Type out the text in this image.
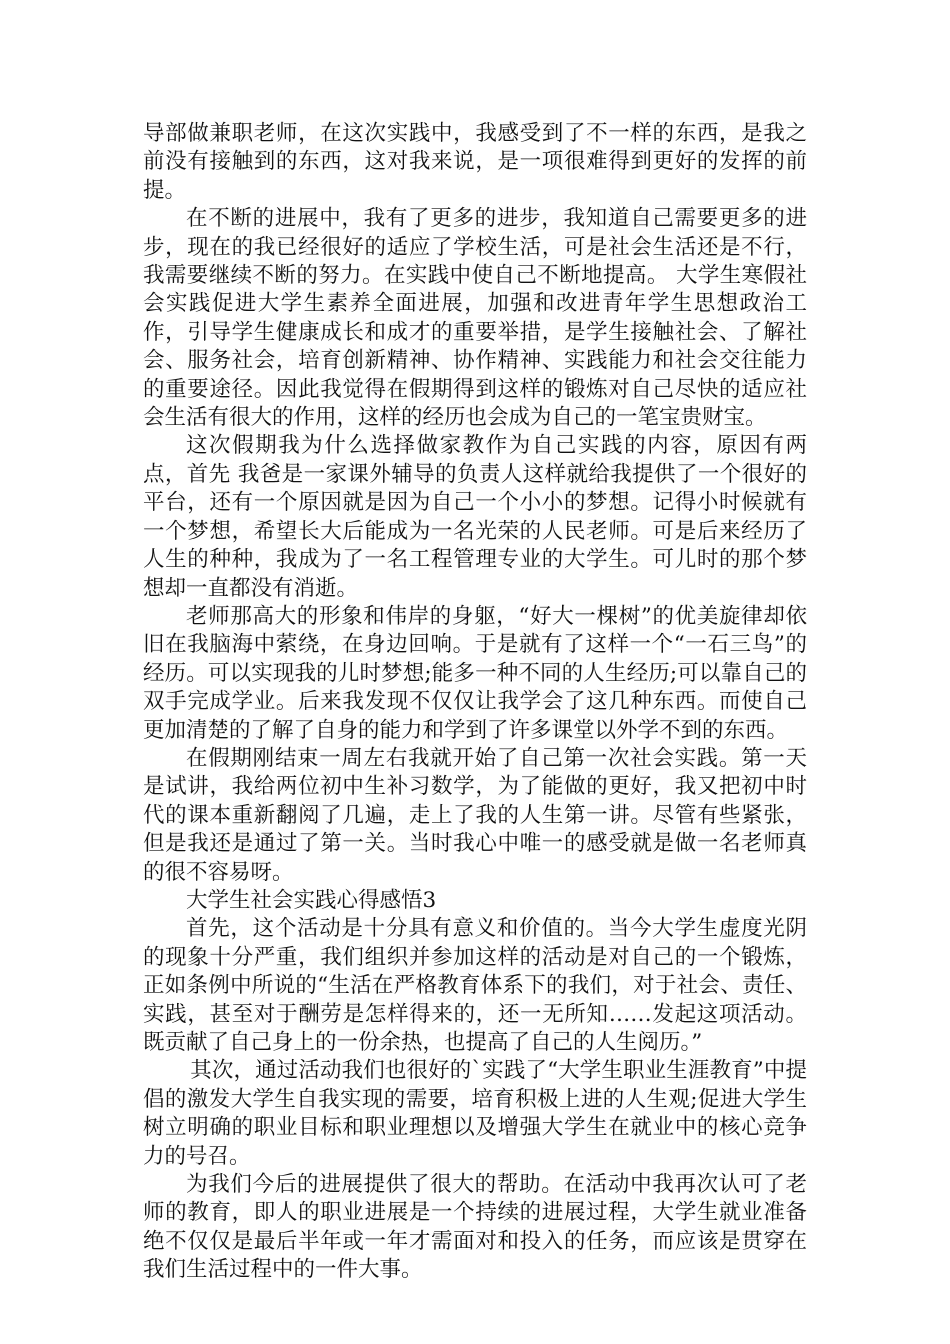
导部做兼职老师，在这次实践中，我感受到了不一样的东西，是我之前没有接触到的东西，这对我来说，是一项很难得到更好的发挥的前提。

在不断的进展中，我有了更多的进步，我知道自己需要更多的进步，现在的我已经很好的适应了学校生活，可是社会生活还是不行，我需要继续不断的努力。在实践中使自己不断地提高。 大学生寒假社会实践促进大学生素养全面进展，加强和改进青年学生思想政治工作，引导学生健康成长和成才的重要举措，是学生接触社会、了解社会、服务社会，培育创新精神、协作精神、实践能力和社会交往能力的重要途径。因此我觉得在假期得到这样的锻炼对自己尽快的适应社会生活有很大的作用，这样的经历也会成为自己的一笔宝贵财宝。

这次假期我为什么选择做家教作为自己实践的内容，原因有两点，首先 我爸是一家课外辅导的负责人这样就给我提供了一个很好的平台，还有一个原因就是因为自己一个小小的梦想。记得小时候就有一个梦想，希望长大后能成为一名光荣的人民老师。可是后来经历了人生的种种，我成为了一名工程管理专业的大学生。可儿时的那个梦想却一直都没有消逝。

老师那高大的形象和伟岸的身躯，“好大一棵树”的优美旋律却依旧在我脑海中萦绕，在身边回响。于是就有了这样一个“一石三鸟”的经历。可以实现我的儿时梦想;能多一种不同的人生经历;可以靠自己的双手完成学业。后来我发现不仅仅让我学会了这几种东西。而使自己更加清楚的了解了自身的能力和学到了许多课堂以外学不到的东西。

在假期刚结束一周左右我就开始了自己第一次社会实践。第一天是试讲，我给两位初中生补习数学，为了能做的更好，我又把初中时代的课本重新翻阅了几遍，走上了我的人生第一讲。尽管有些紧张，但是我还是通过了第一关。当时我心中唯一的感受就是做一名老师真的很不容易呀。

大学生社会实践心得感悟3

首先，这个活动是十分具有意义和价值的。当今大学生虚度光阴的现象十分严重，我们组织并参加这样的活动是对自己的一个锻炼，正如条例中所说的“生活在严格教育体系下的我们，对于社会、责任、实践，甚至对于酬劳是怎样得来的，还一无所知……发起这项活动。既贡献了自己身上的一份余热，也提高了自己的人生阅历。”

其次，通过活动我们也很好的`实践了“大学生职业生涯教育”中提倡的激发大学生自我实现的需要，培育积极上进的人生观;促进大学生树立明确的职业目标和职业理想以及增强大学生在就业中的核心竞争力的号召。

为我们今后的进展提供了很大的帮助。在活动中我再次认可了老师的教育，即人的职业进展是一个持续的进展过程，大学生就业准备绝不仅仅是最后半年或一年才需面对和投入的任务，而应该是贯穿在我们生活过程中的一件大事。
